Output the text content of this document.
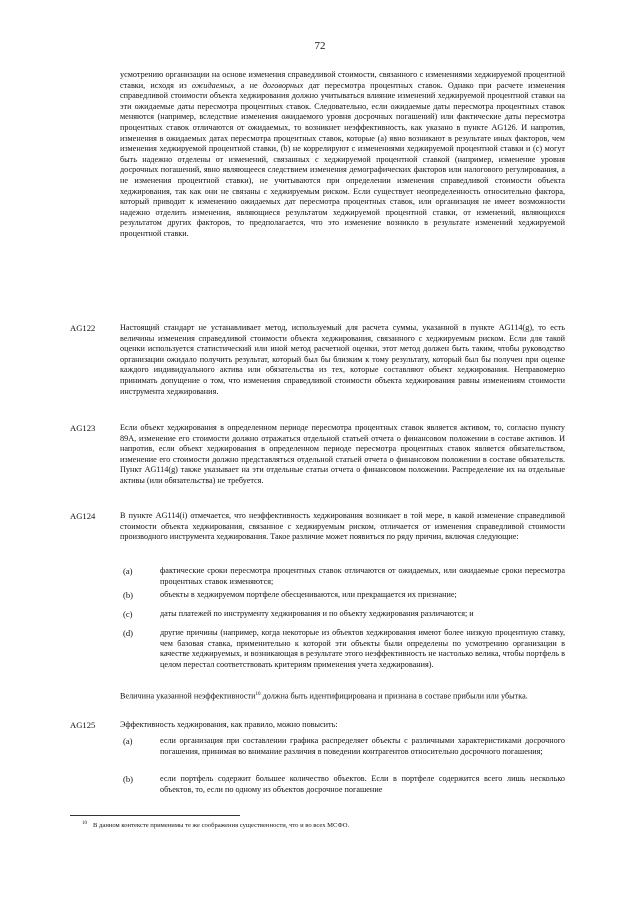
72

усмотрению организации на основе изменения справедливой стоимости, связанного с изменениями хеджируемой процентной ставки, исходя из ожидаемых, а не договорных дат пересмотра процентных ставок. Однако при расчете изменения справедливой стоимости объекта хеджирования должно учитываться влияние изменений хеджируемой процентной ставки на эти ожидаемые даты пересмотра процентных ставок. Следовательно, если ожидаемые даты пересмотра процентных ставок меняются (например, вследствие изменения ожидаемого уровня досрочных погашений) или фактические даты пересмотра процентных ставок отличаются от ожидаемых, то возникнет неэффективность, как указано в пункте AG126. И напротив, изменения в ожидаемых датах пересмотра процентных ставок, которые (а) явно возникают в результате иных факторов, чем изменения хеджируемой процентной ставки, (b) не коррелируют с изменениями хеджируемой процентной ставки и (с) могут быть надежно отделены от изменений, связанных с хеджируемой процентной ставкой (например, изменение уровня досрочных погашений, явно являющееся следствием изменения демографических факторов или налогового регулирования, а не изменения процентной ставки), не учитываются при определении изменения справедливой стоимости объекта хеджирования, так как они не связаны с хеджируемым риском. Если существует неопределенность относительно фактора, который приводит к изменению ожидаемых дат пересмотра процентных ставок, или организация не имеет возможности надежно отделить изменения, являющиеся результатом хеджируемой процентной ставки, от изменений, являющихся результатом других факторов, то предполагается, что это изменение возникло в результате изменений хеджируемой процентной ставки.

AG122	Настоящий стандарт не устанавливает метод, используемый для расчета суммы, указанной в пункте AG114(g), то есть величины изменения справедливой стоимости объекта хеджирования, связанного с хеджируемым риском. Если для такой оценки используется статистический или иной метод расчетной оценки, этот метод должен быть таким, чтобы руководство организации ожидало получить результат, который был бы близким к тому результату, который был бы получен при оценке каждого индивидуального актива или обязательства из тех, которые составляют объект хеджирования. Неправомерно принимать допущение о том, что изменения справедливой стоимости объекта хеджирования равны изменениям стоимости инструмента хеджирования.

AG123	Если объект хеджирования в определенном периоде пересмотра процентных ставок является активом, то, согласно пункту 89А, изменение его стоимости должно отражаться отдельной статьей отчета о финансовом положении в составе активов. И напротив, если объект хеджирования в определенном периоде пересмотра процентных ставок является обязательством, изменение его стоимости должно представляться отдельной статьей отчета о финансовом положении в составе обязательств. Пункт AG114(g) также указывает на эти отдельные статьи отчета о финансовом положении. Распределение их на отдельные активы (или обязательства) не требуется.

AG124	В пункте AG114(i) отмечается, что неэффективность хеджирования возникает в той мере, в какой изменение справедливой стоимости объекта хеджирования, связанное с хеджируемым риском, отличается от изменения справедливой стоимости производного инструмента хеджирования. Такое различие может появиться по ряду причин, включая следующие:

(a)	фактические сроки пересмотра процентных ставок отличаются от ожидаемых, или ожидаемые сроки пересмотра процентных ставок изменяются;

(b)	объекты в хеджируемом портфеле обесцениваются, или прекращается их признание;

(c)	даты платежей по инструменту хеджирования и по объекту хеджирования различаются; и

(d)	другие причины (например, когда некоторые из объектов хеджирования имеют более низкую процентную ставку, чем базовая ставка, применительно к которой эти объекты были определены по усмотрению организации в качестве хеджируемых, и возникающая в результате этого неэффективность не настолько велика, чтобы портфель в целом перестал соответствовать критериям применения учета хеджирования).

Величина указанной неэффективности$^{10}$ должна быть идентифицирована и признана в составе прибыли или убытка.

AG125	Эффективность хеджирования, как правило, можно повысить:

(a)	если организация при составлении графика распределяет объекты с различными характеристиками досрочного погашения, принимая во внимание различия в поведении контрагентов относительно досрочного погашения;

(b)	если портфель содержит большее количество объектов. Если в портфеле содержится всего лишь несколько объектов, то, если по одному из объектов досрочное погашение

$^{10}$ В данном контексте применимы те же соображения существенности, что и во всех МСФО.
